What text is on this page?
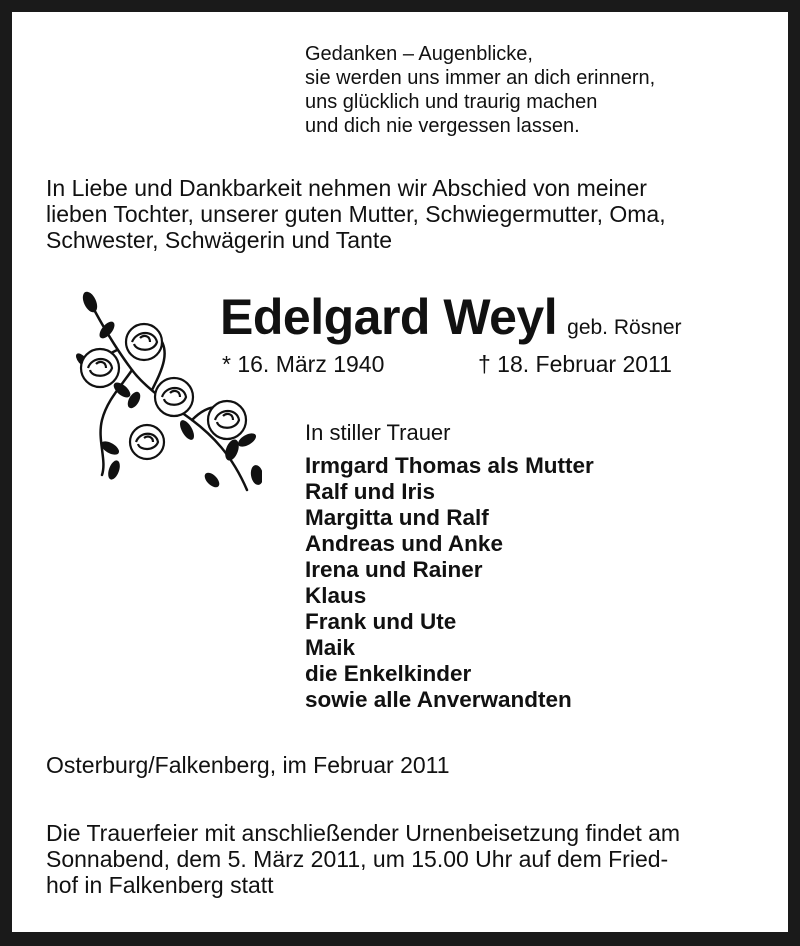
Gedanken – Augenblicke,
sie werden uns immer an dich erinnern,
uns glücklich und traurig machen
und dich nie vergessen lassen.
In Liebe und Dankbarkeit nehmen wir Abschied von meiner
lieben Tochter, unserer guten Mutter, Schwiegermutter, Oma,
Schwester, Schwägerin und Tante
Edelgard Weyl geb. Rösner
* 16. März 1940	† 18. Februar 2011
In stiller Trauer
Irmgard Thomas als Mutter
Ralf und Iris
Margitta und Ralf
Andreas und Anke
Irena und Rainer
Klaus
Frank und Ute
Maik
die Enkelkinder
sowie alle Anverwandten
Osterburg/Falkenberg, im Februar 2011
Die Trauerfeier mit anschließender Urnenbeisetzung findet am
Sonnabend, dem 5. März 2011, um 15.00 Uhr auf dem Fried-
hof in Falkenberg statt
